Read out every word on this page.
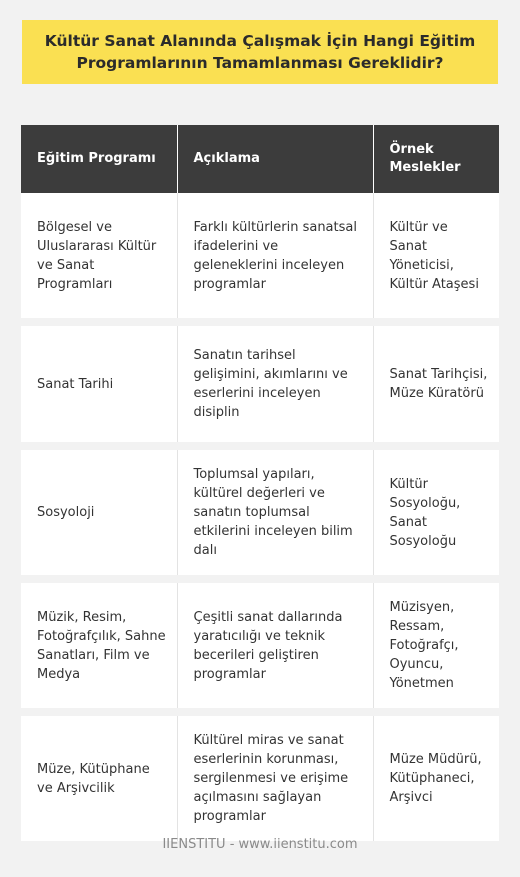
Kültür Sanat Alanında Çalışmak İçin Hangi Eğitim Programlarının Tamamlanması Gereklidir?
Eğitim Programı	Açıklama	Örnek Meslekler
Bölgesel ve Uluslararası Kültür ve Sanat Programları	Farklı kültürlerin sanatsal ifadelerini ve geleneklerini inceleyen programlar	Kültür ve Sanat Yöneticisi, Kültür Ataşesi
Sanat Tarihi	Sanatın tarihsel gelişimini, akımlarını ve eserlerini inceleyen disiplin	Sanat Tarihçisi, Müze Küratörü
Sosyoloji	Toplumsal yapıları, kültürel değerleri ve sanatın toplumsal etkilerini inceleyen bilim dalı	Kültür Sosyoloğu, Sanat Sosyoloğu
Müzik, Resim, Fotoğrafçılık, Sahne Sanatları, Film ve Medya	Çeşitli sanat dallarında yaratıcılığı ve teknik becerileri geliştiren programlar	Müzisyen, Ressam, Fotoğrafçı, Oyuncu, Yönetmen
Müze, Kütüphane ve Arşivcilik	Kültürel miras ve sanat eserlerinin korunması, sergilenmesi ve erişime açılmasını sağlayan programlar	Müze Müdürü, Kütüphaneci, Arşivci
IIENSTITU - www.iienstitu.com
